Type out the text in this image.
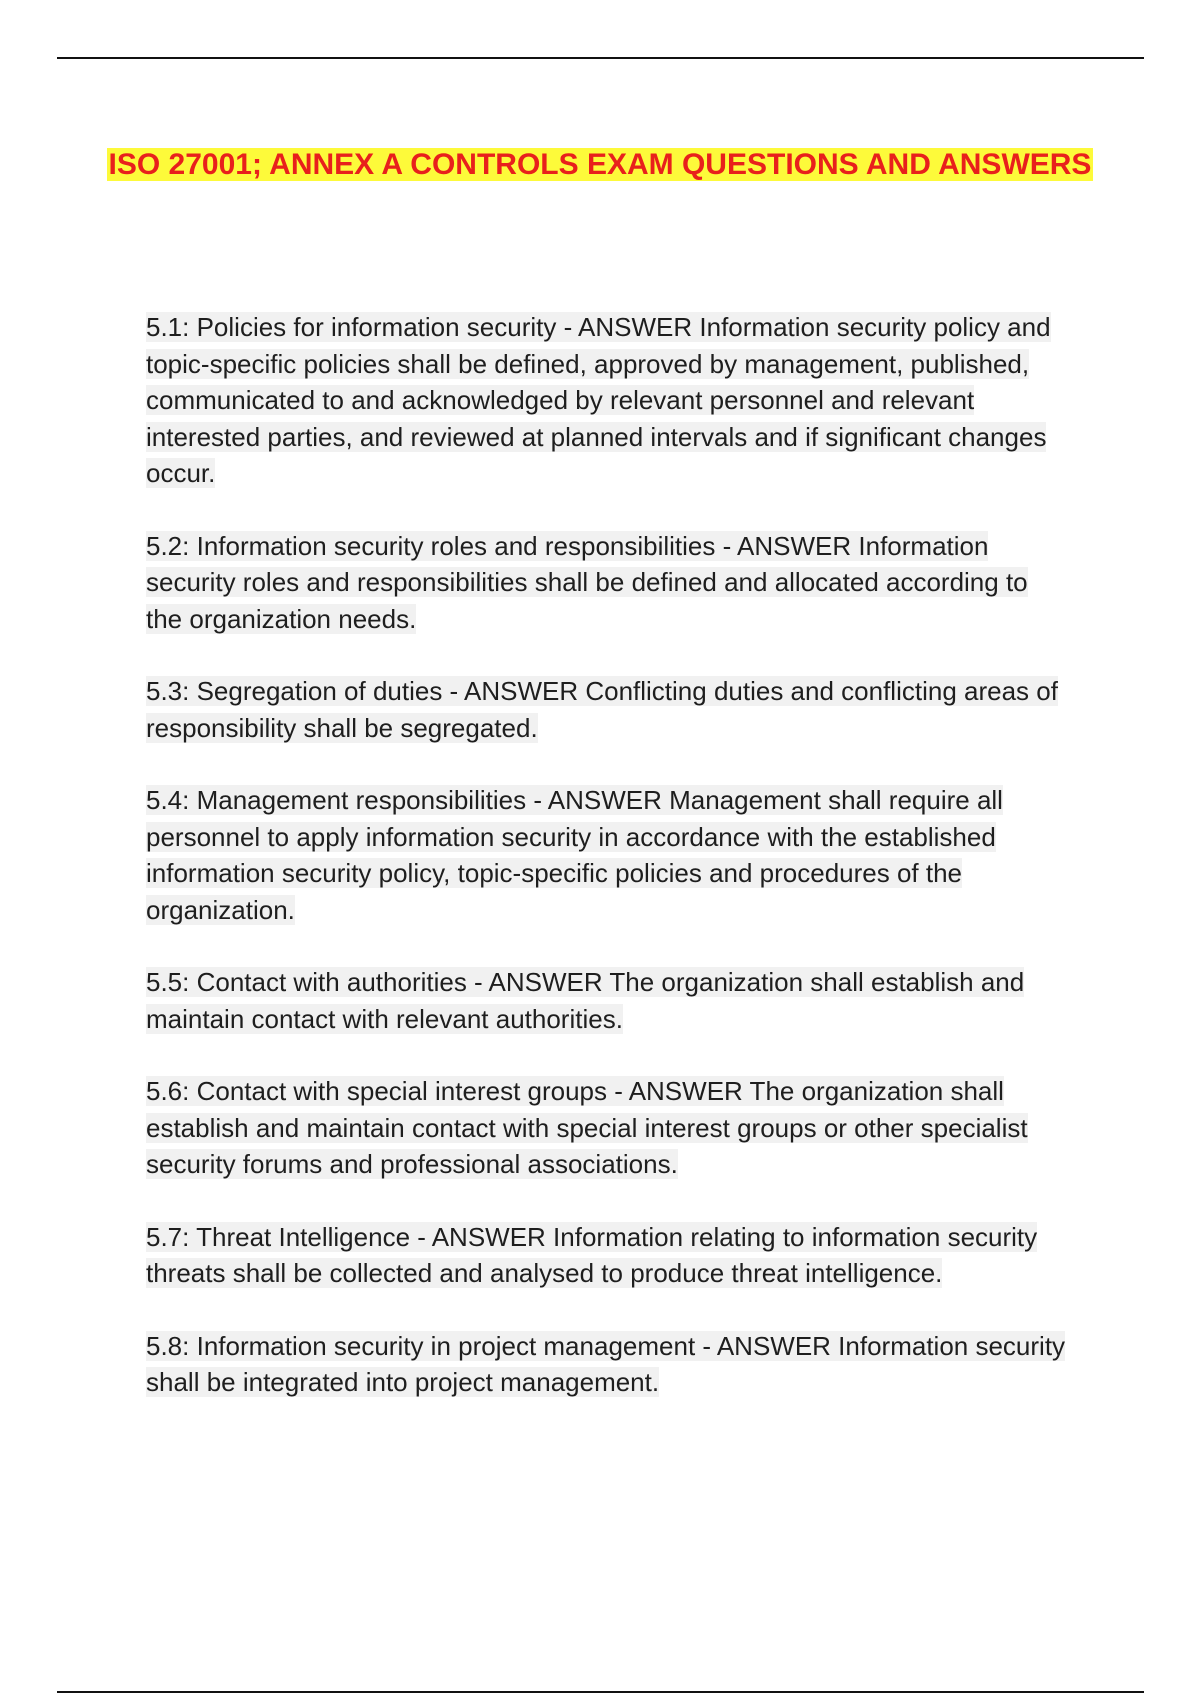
ISO 27001; ANNEX A CONTROLS EXAM QUESTIONS AND ANSWERS

5.1: Policies for information security - ANSWER Information security policy and topic-specific policies shall be defined, approved by management, published, communicated to and acknowledged by relevant personnel and relevant interested parties, and reviewed at planned intervals and if significant changes occur.

5.2: Information security roles and responsibilities - ANSWER Information security roles and responsibilities shall be defined and allocated according to the organization needs.

5.3: Segregation of duties - ANSWER Conflicting duties and conflicting areas of responsibility shall be segregated.

5.4: Management responsibilities - ANSWER Management shall require all personnel to apply information security in accordance with the established information security policy, topic-specific policies and procedures of the organization.

5.5: Contact with authorities - ANSWER The organization shall establish and maintain contact with relevant authorities.

5.6: Contact with special interest groups - ANSWER The organization shall establish and maintain contact with special interest groups or other specialist security forums and professional associations.

5.7: Threat Intelligence - ANSWER Information relating to information security threats shall be collected and analysed to produce threat intelligence.

5.8: Information security in project management - ANSWER Information security shall be integrated into project management.
